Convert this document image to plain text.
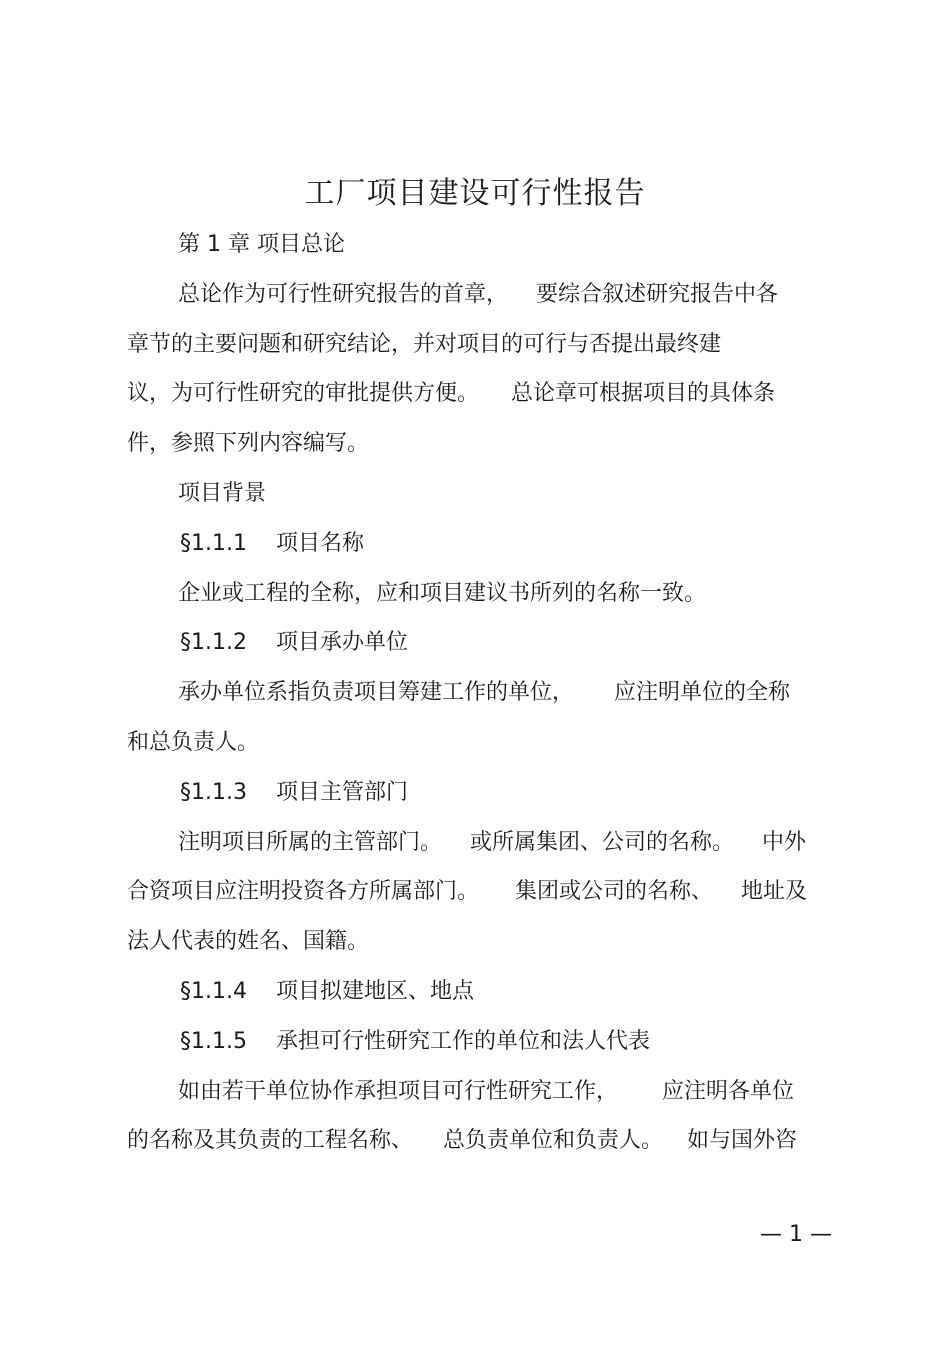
工厂项目建设可行性报告
第 1 章 项目总论
总论作为可行性研究报告的首章， 要综合叙述研究报告中各
章节的主要问题和研究结论，并对项目的可行与否提出最终建
议，为可行性研究的审批提供方便。 总论章可根据项目的具体条
件，参照下列内容编写。
项目背景
§1.1.1 项目名称
企业或工程的全称，应和项目建议书所列的名称一致。
§1.1.2 项目承办单位
承办单位系指负责项目筹建工作的单位， 应注明单位的全称
和总负责人。
§1.1.3 项目主管部门
注明项目所属的主管部门。 或所属集团、公司的名称。 中外
合资项目应注明投资各方所属部门。 集团或公司的名称、 地址及
法人代表的姓名、国籍。
§1.1.4 项目拟建地区、地点
§1.1.5 承担可行性研究工作的单位和法人代表
如由若干单位协作承担项目可行性研究工作， 应注明各单位
的名称及其负责的工程名称、 总负责单位和负责人。 如与国外咨
— 1 —
